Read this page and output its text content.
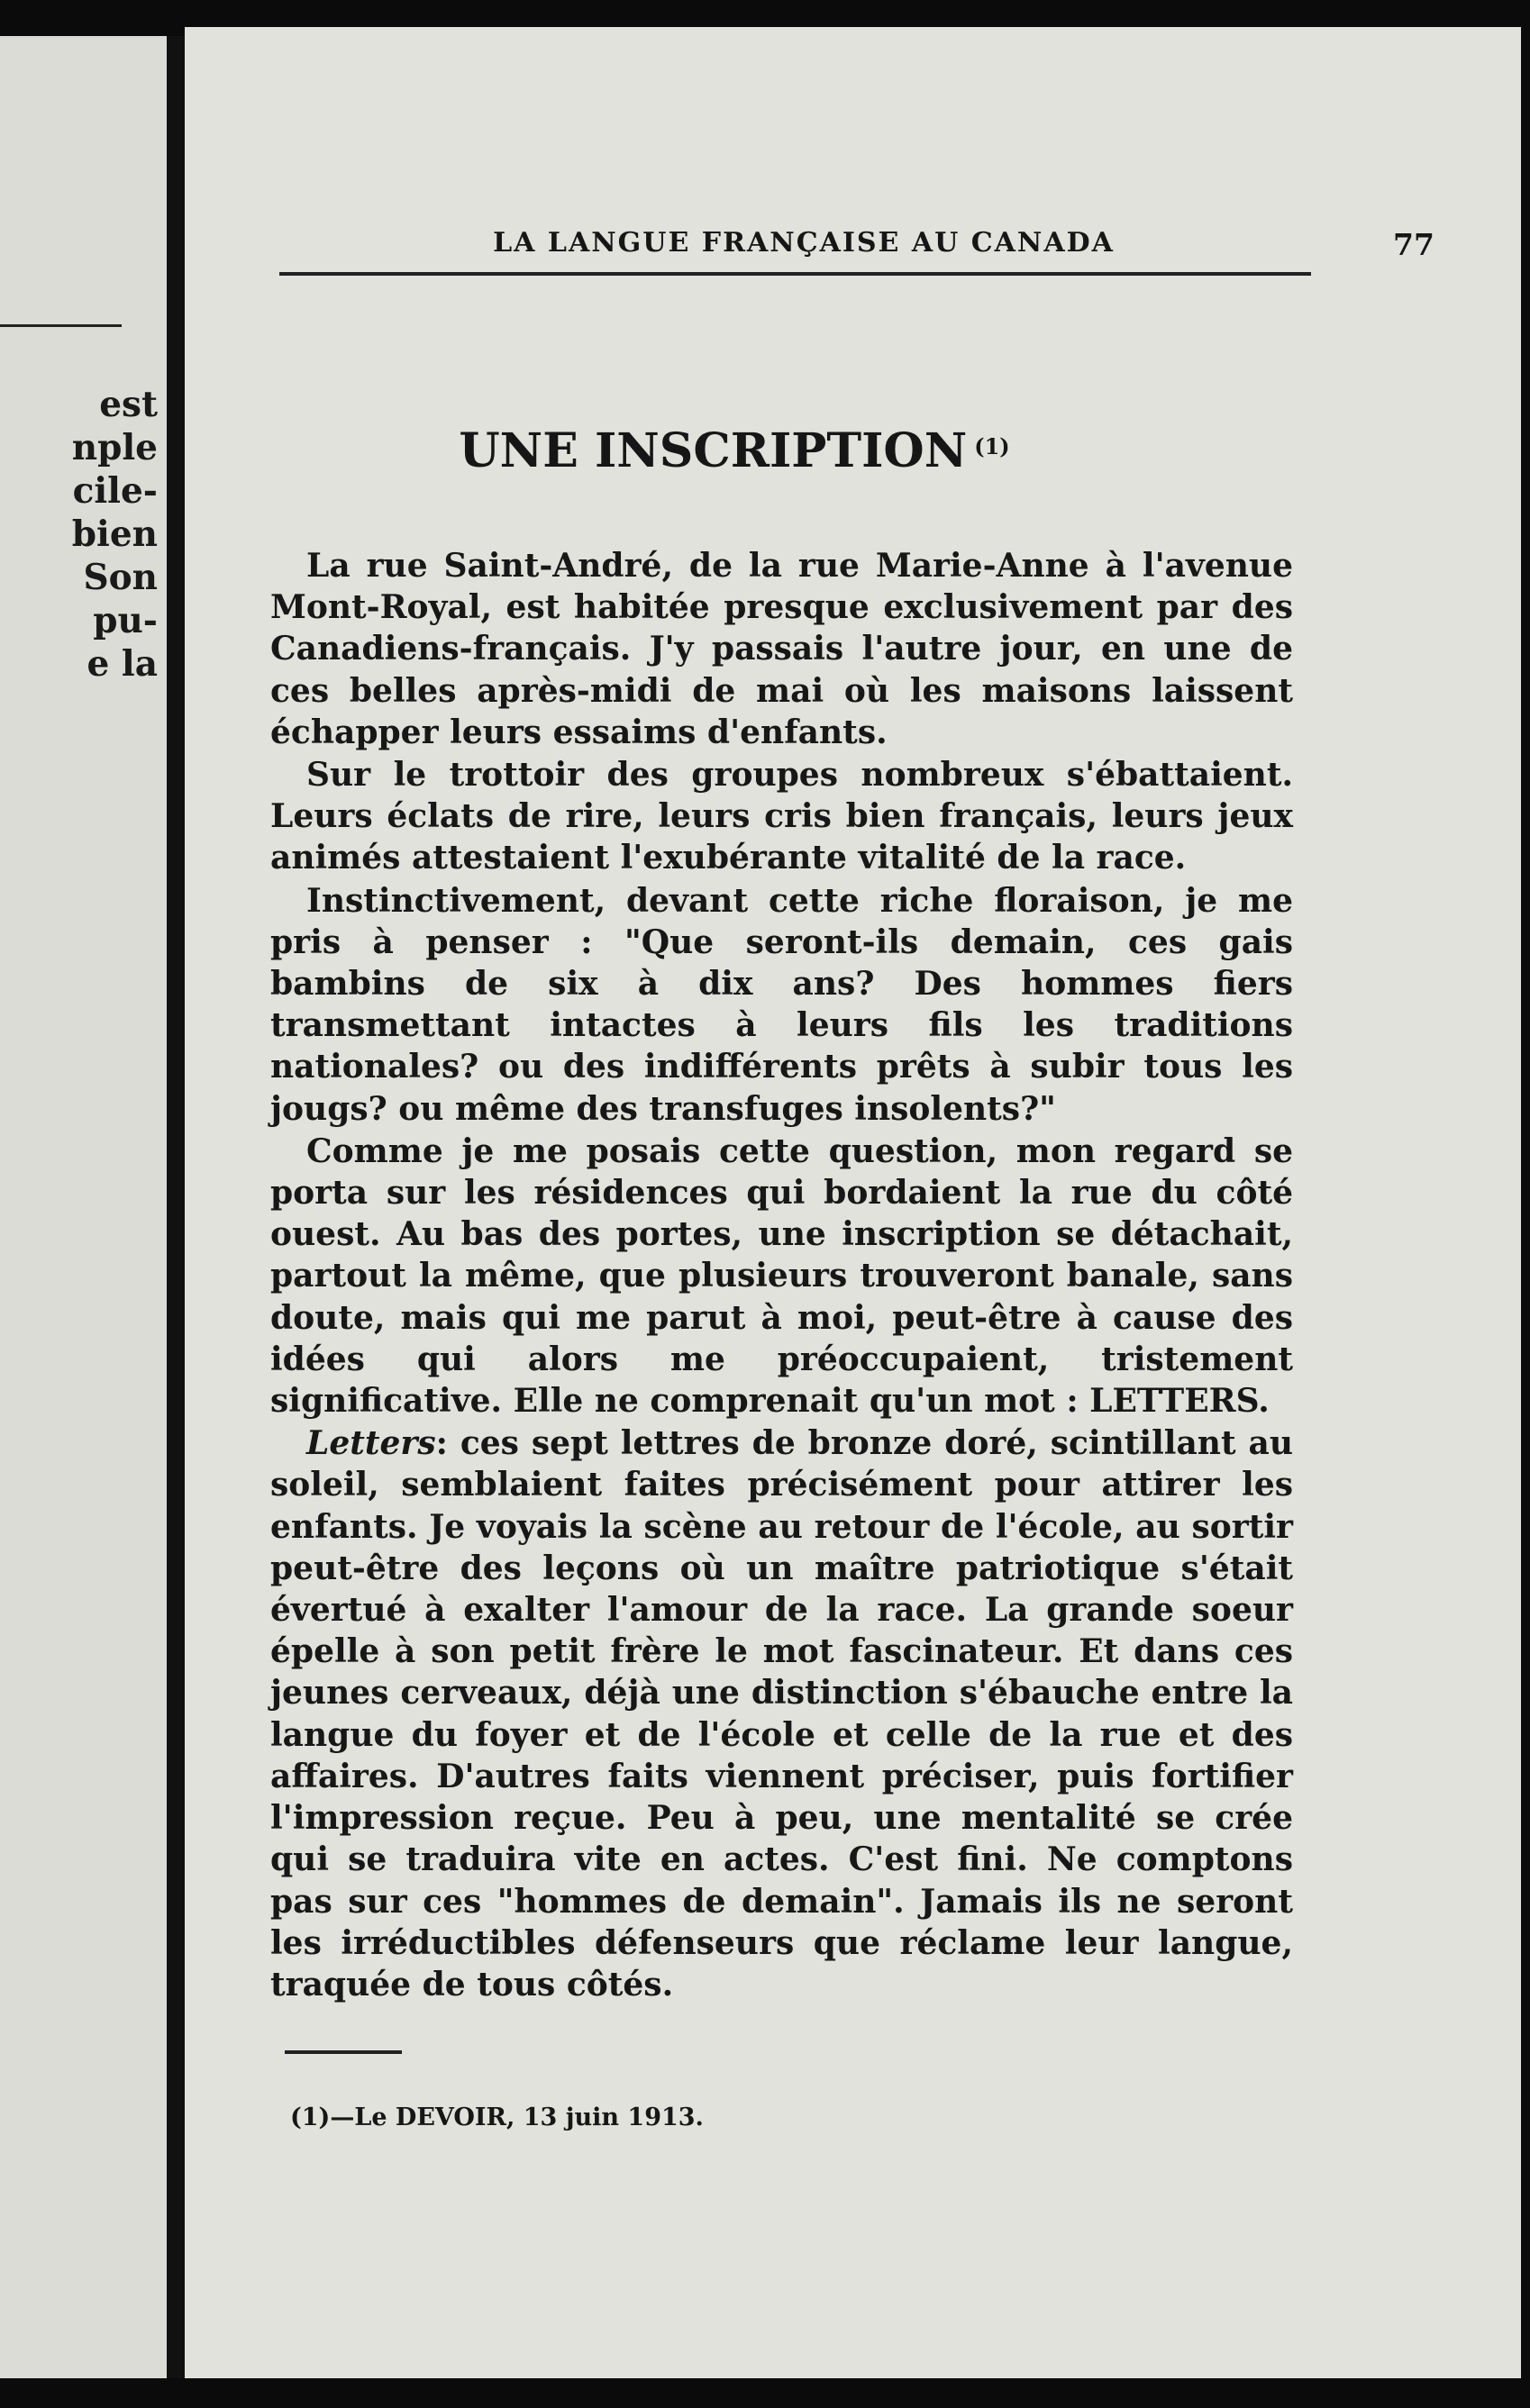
est
nple
cile-
bien
Son
pu-
e la
LA LANGUE FRANÇAISE AU CANADA	77
UNE INSCRIPTION $^{(1)}$

La rue Saint-André, de la rue Marie-Anne à l'avenue Mont-Royal, est habitée presque exclusivement par des Canadiens-français. J'y passais l'autre jour, en une de ces belles après-midi de mai où les maisons laissent échapper leurs essaims d'enfants.

Sur le trottoir des groupes nombreux s'ébattaient. Leurs éclats de rire, leurs cris bien français, leurs jeux animés attestaient l'exubérante vitalité de la race.

Instinctivement, devant cette riche floraison, je me pris à penser : "Que seront-ils demain, ces gais bambins de six à dix ans? Des hommes fiers transmettant intactes à leurs fils les traditions nationales? ou des indifférents prêts à subir tous les jougs? ou même des transfuges insolents?"

Comme je me posais cette question, mon regard se porta sur les résidences qui bordaient la rue du côté ouest. Au bas des portes, une inscription se détachait, partout la même, que plusieurs trouveront banale, sans doute, mais qui me parut à moi, peut-être à cause des idées qui alors me préoccupaient, tristement significative. Elle ne comprenait qu'un mot : LETTERS.

Letters: ces sept lettres de bronze doré, scintillant au soleil, semblaient faites précisément pour attirer les enfants. Je voyais la scène au retour de l'école, au sortir peut-être des leçons où un maître patriotique s'était évertué à exalter l'amour de la race. La grande soeur épelle à son petit frère le mot fascinateur. Et dans ces jeunes cerveaux, déjà une distinction s'ébauche entre la langue du foyer et de l'école et celle de la rue et des affaires. D'autres faits viennent préciser, puis fortifier l'impression reçue. Peu à peu, une mentalité se crée qui se traduira vite en actes. C'est fini. Ne comptons pas sur ces "hommes de demain". Jamais ils ne seront les irréductibles défenseurs que réclame leur langue, traquée de tous côtés.

(1)—Le DEVOIR, 13 juin 1913.
